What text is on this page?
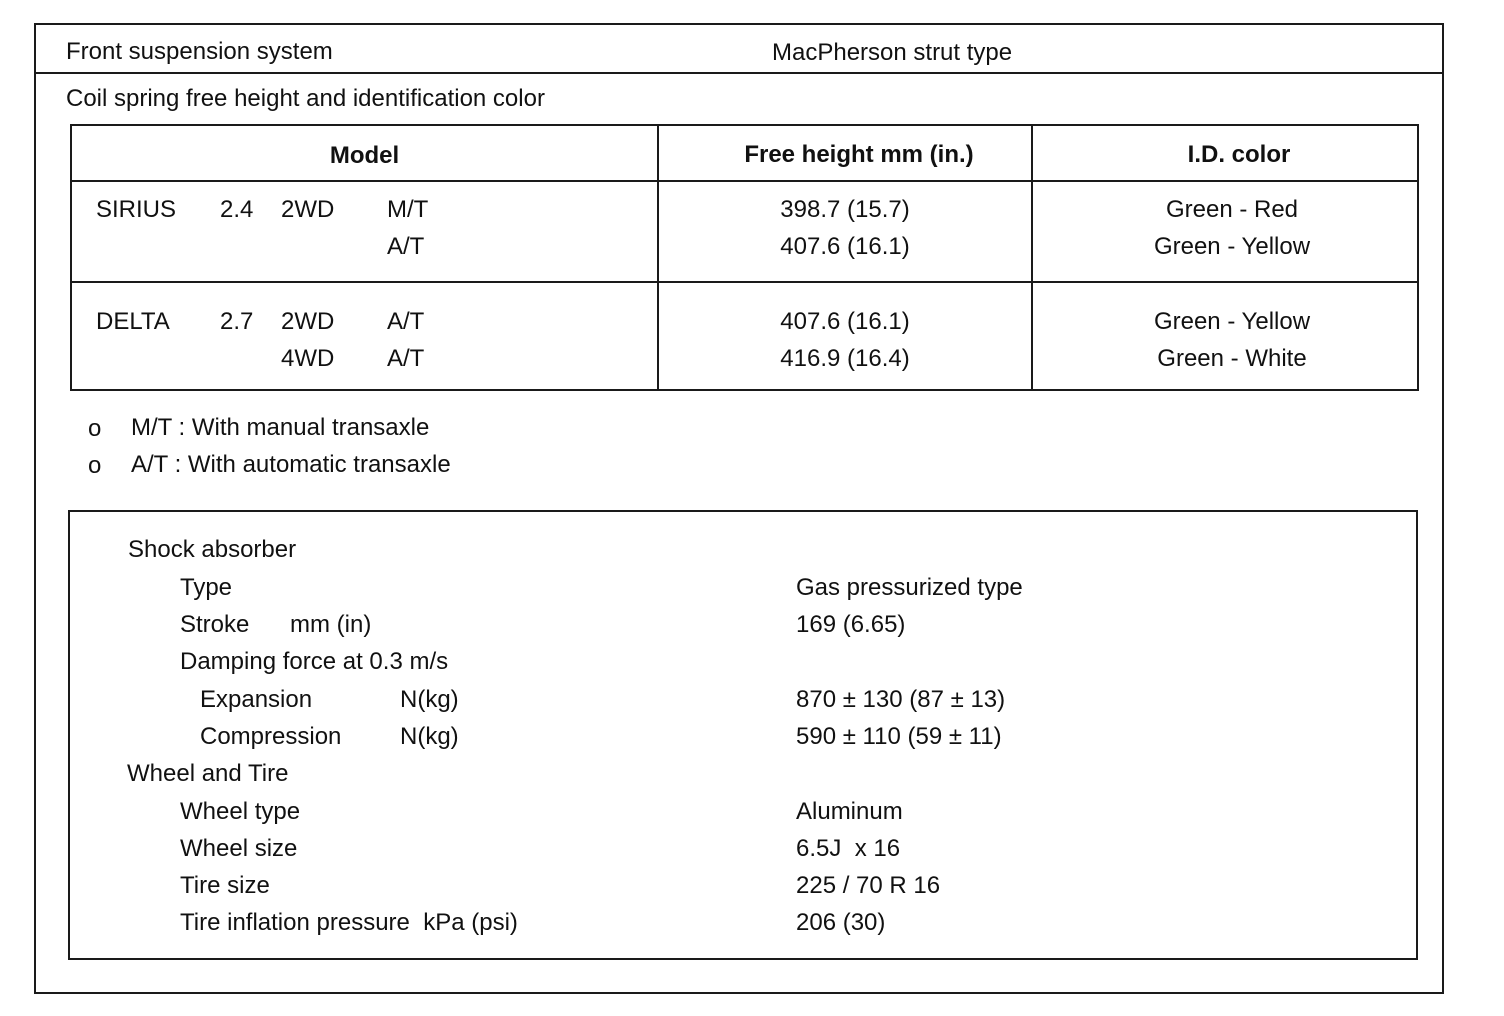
Front suspension system	MacPherson strut type
Coil spring free height and identification color
Model	Free height mm (in.)	I.D. color
SIRIUS 2.4 2WD M/T	398.7 (15.7)	Green - Red
A/T	407.6 (16.1)	Green - Yellow
DELTA 2.7 2WD A/T	407.6 (16.1)	Green - Yellow
4WD A/T	416.9 (16.4)	Green - White
o M/T : With manual transaxle
o A/T : With automatic transaxle
Shock absorber
Type	Gas pressurized type
Stroke mm (in)	169 (6.65)
Damping force at 0.3 m/s
Expansion	N(kg)	870 ± 130 (87 ± 13)
Compression N(kg)	590 ± 110 (59 ± 11)
Wheel and Tire
Wheel type	Aluminum
Wheel size	6.5J  x 16
Tire size	225 / 70 R 16
Tire inflation pressure  kPa (psi)	206 (30)
